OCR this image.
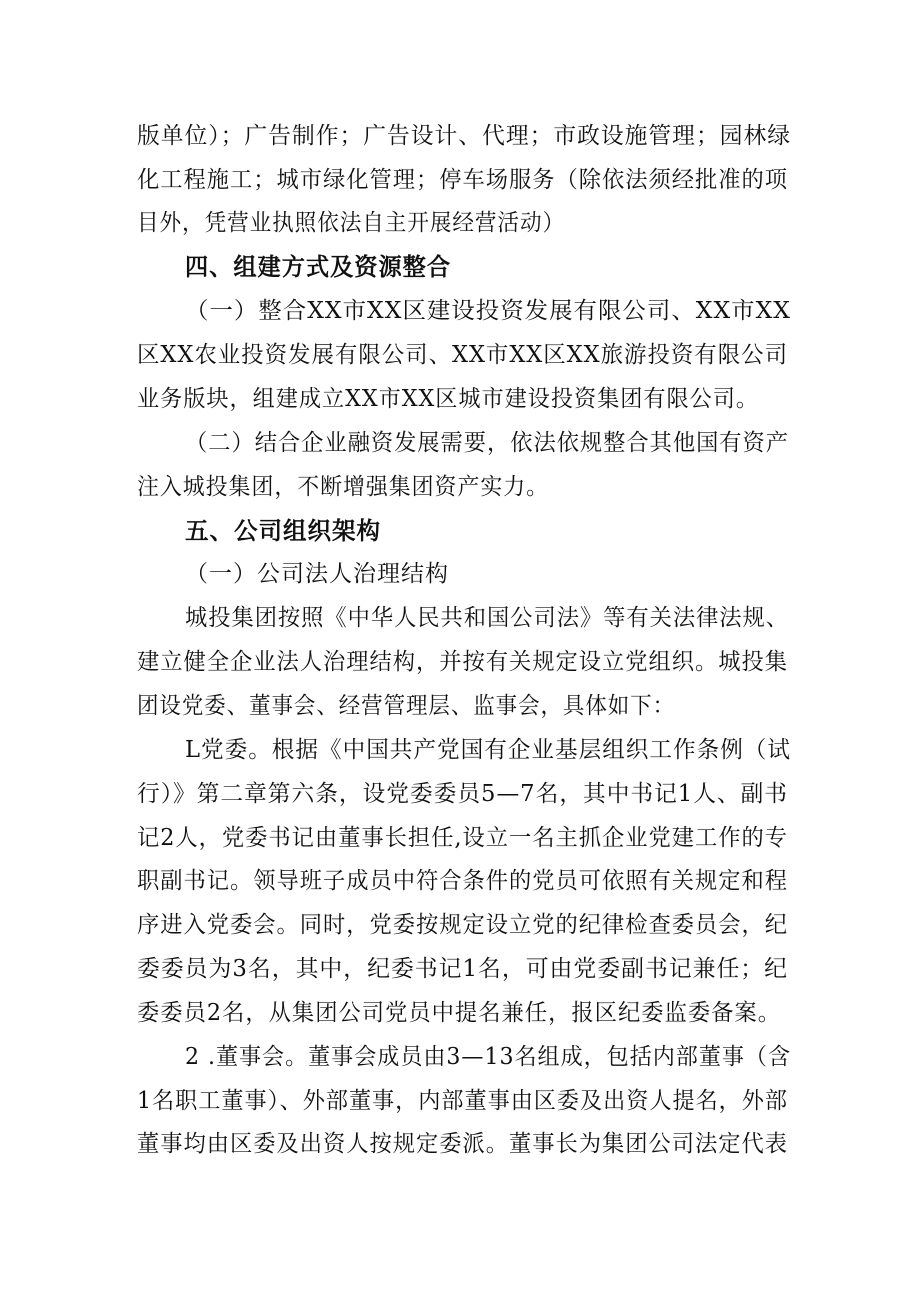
版单位）；广告制作；广告设计、代理；市政设施管理；园林绿
化工程施工；城市绿化管理；停车场服务（除依法须经批准的项
目外，凭营业执照依法自主开展经营活动）
四、组建方式及资源整合
（一）整合XX市XX区建设投资发展有限公司、XX市XX
区XX农业投资发展有限公司、XX市XX区XX旅游投资有限公司
业务版块，组建成立XX市XX区城市建设投资集团有限公司。
（二）结合企业融资发展需要，依法依规整合其他国有资产
注入城投集团，不断增强集团资产实力。
五、公司组织架构
（一）公司法人治理结构
城投集团按照《中华人民共和国公司法》等有关法律法规、
建立健全企业法人治理结构，并按有关规定设立党组织。城投集
团设党委、董事会、经营管理层、监事会，具体如下：
L党委。根据《中国共产党国有企业基层组织工作条例（试
行）》第二章第六条，设党委委员5—7名，其中书记1人、副书
记2人，党委书记由董事长担任,设立一名主抓企业党建工作的专
职副书记。领导班子成员中符合条件的党员可依照有关规定和程
序进入党委会。同时，党委按规定设立党的纪律检查委员会，纪
委委员为3名，其中，纪委书记1名，可由党委副书记兼任；纪
委委员2名，从集团公司党员中提名兼任，报区纪委监委备案。
2 .董事会。董事会成员由3—13名组成，包括内部董事（含
1名职工董事）、外部董事，内部董事由区委及出资人提名，外部
董事均由区委及出资人按规定委派。董事长为集团公司法定代表
